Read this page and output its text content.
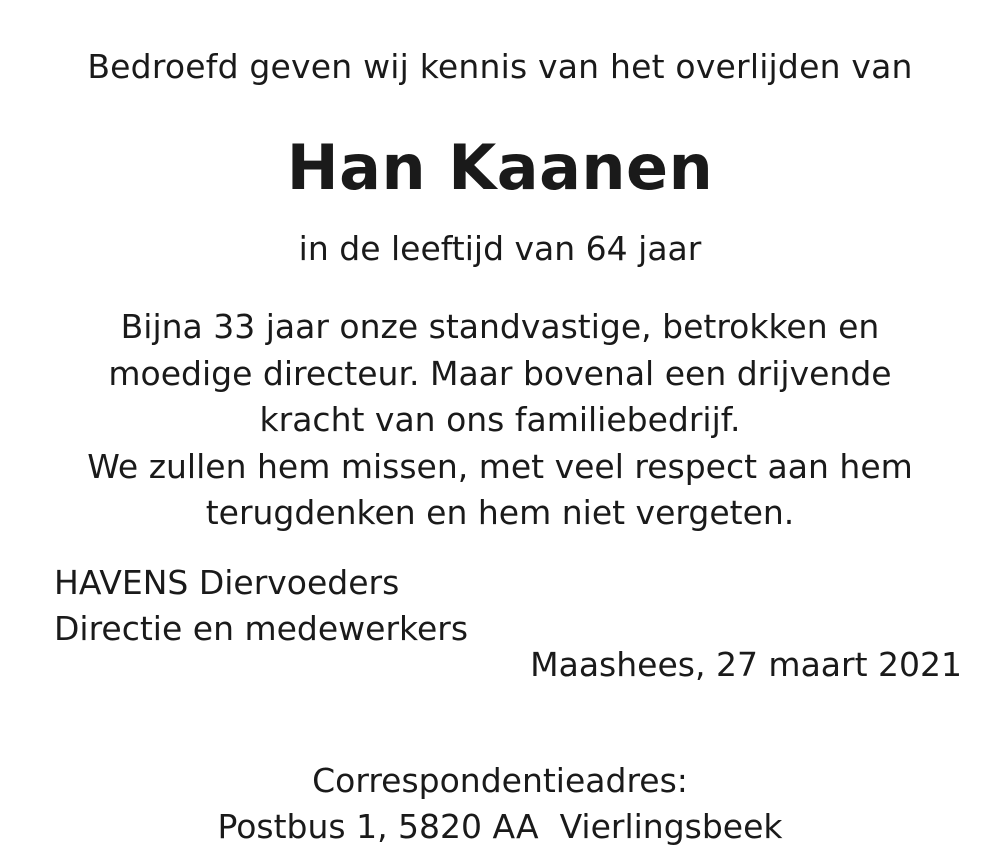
Bedroefd geven wij kennis van het overlijden van
Han Kaanen
in de leeftijd van 64 jaar
Bijna 33 jaar onze standvastige, betrokken en
moedige directeur. Maar bovenal een drijvende
kracht van ons familiebedrijf.
We zullen hem missen, met veel respect aan hem
terugdenken en hem niet vergeten.
HAVENS Diervoeders
Directie en medewerkers
Maashees, 27 maart 2021
Correspondentieadres:
Postbus 1, 5820 AA  Vierlingsbeek
